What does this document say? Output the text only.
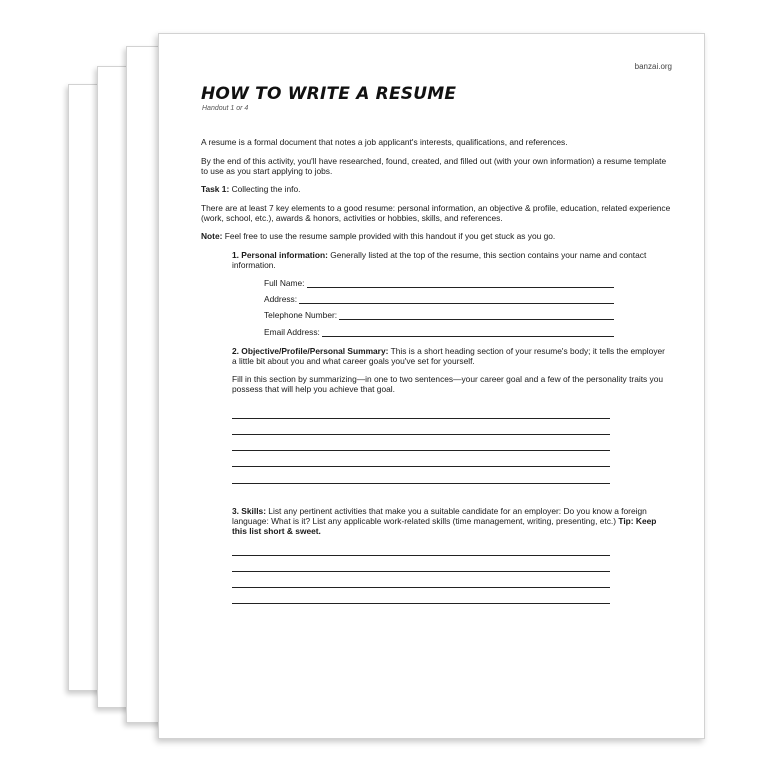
banzai.org
HOW TO WRITE A RESUME
Handout 1 or 4

A resume is a formal document that notes a job applicant's interests, qualifications, and references.

By the end of this activity, you'll have researched, found, created, and filled out (with your own information) a resume template to use as you start applying to jobs.

Task 1: Collecting the info.

There are at least 7 key elements to a good resume: personal information, an objective & profile, education, related experience (work, school, etc.), awards & honors, activities or hobbies, skills, and references.

Note: Feel free to use the resume sample provided with this handout if you get stuck as you go.

1. Personal information: Generally listed at the top of the resume, this section contains your name and contact information.

Full Name:
Address:
Telephone Number:
Email Address:

2. Objective/Profile/Personal Summary: This is a short heading section of your resume's body; it tells the employer a little bit about you and what career goals you've set for yourself.

Fill in this section by summarizing—in one to two sentences—your career goal and a few of the personality traits you possess that will help you achieve that goal.

3. Skills: List any pertinent activities that make you a suitable candidate for an employer: Do you know a foreign language: What is it? List any applicable work-related skills (time management, writing, presenting, etc.) Tip: Keep this list short & sweet.
